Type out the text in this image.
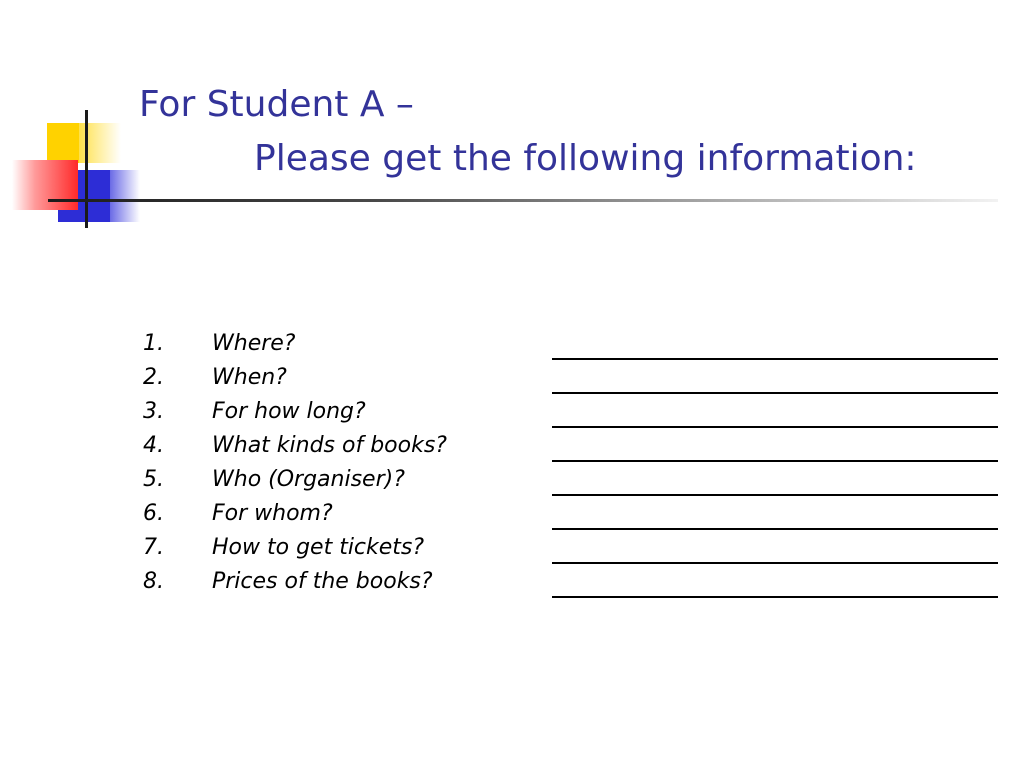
For Student A –
Please get the following information:
1.	Where?
2.	When?
3.	For how long?
4.	What kinds of books?
5.	Who (Organiser)?
6.	For whom?
7.	How to get tickets?
8.	Prices of the books?
